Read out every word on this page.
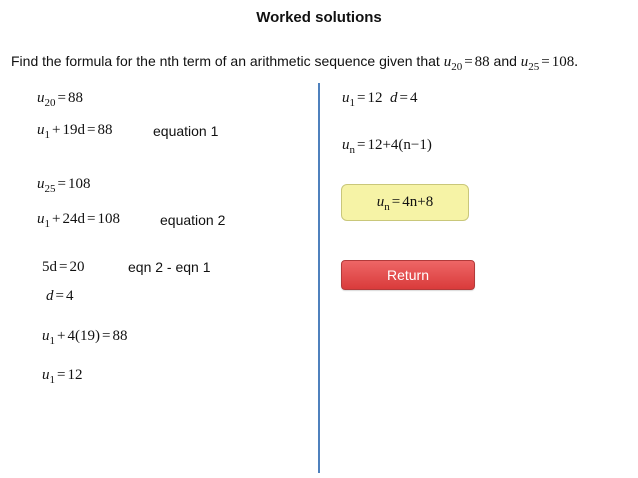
Worked solutions
Find the formula for the nth term of an arithmetic sequence given that $u_{20} = 88$ and $u_{25} = 108$.
$u_{20} = 88$
$u_1 + 19d = 88$	equation 1
$u_{25} = 108$
$u_1 + 24d = 108$	equation 2
5d = 20	eqn 2 - eqn 1
d = 4
$u_1 + 4(19) = 88$
$u_1 = 12$
$u_1 = 12$ d = 4
$u_n = 12+4(n-1)$
$u_n = 4n+8$
Return
